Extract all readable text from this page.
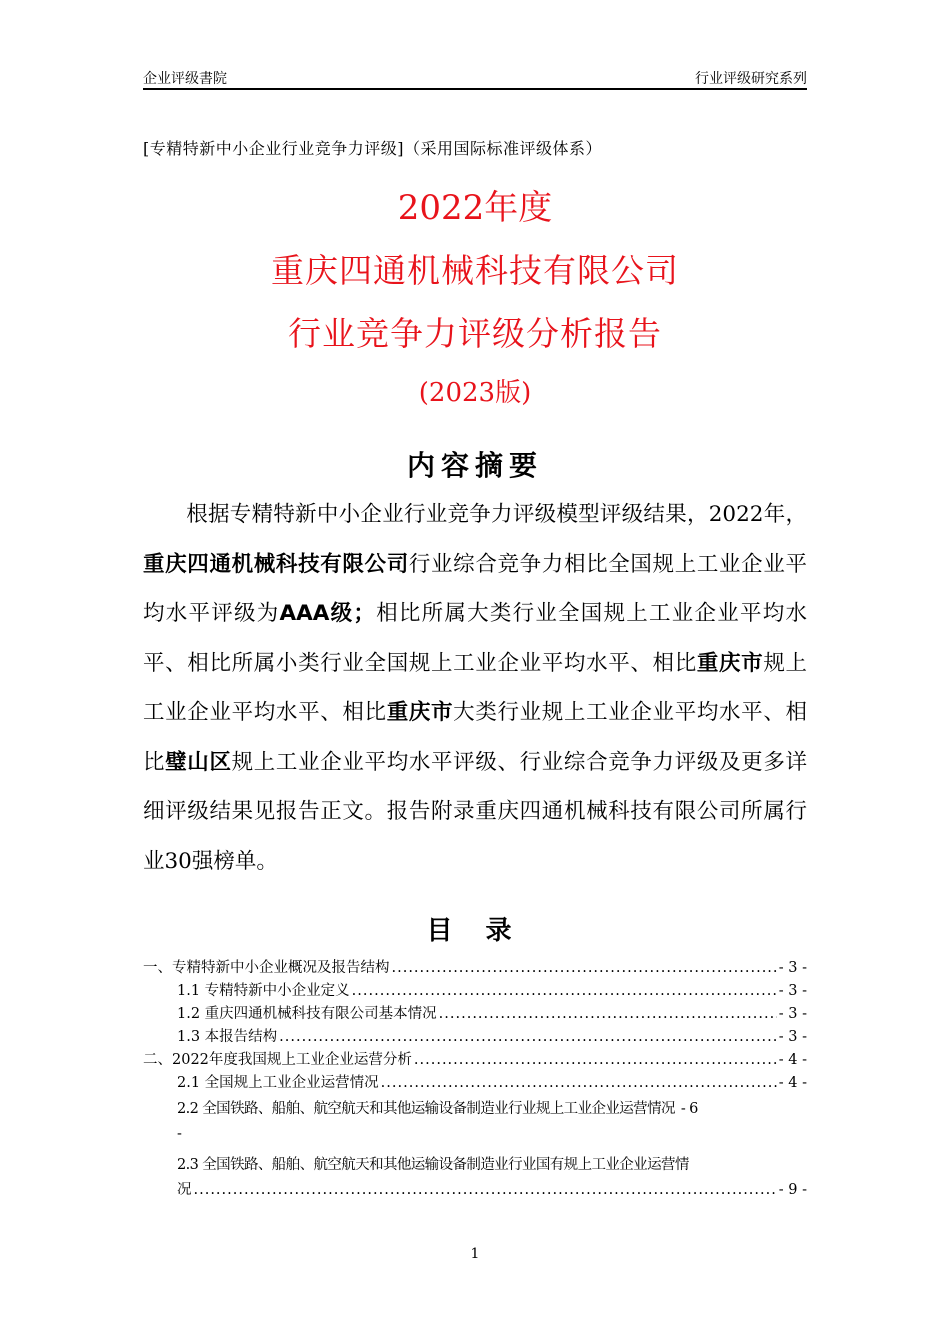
企业评级書院	行业评级研究系列
[专精特新中小企业行业竞争力评级]（采用国际标准评级体系）
2022年度
重庆四通机械科技有限公司
行业竞争力评级分析报告
(2023版)
内容摘要
根据专精特新中小企业行业竞争力评级模型评级结果，2022年，重庆四通机械科技有限公司行业综合竞争力相比全国规上工业企业平均水平评级为AAA级；相比所属大类行业全国规上工业企业平均水平、相比所属小类行业全国规上工业企业平均水平、相比重庆市规上工业企业平均水平、相比重庆市大类行业规上工业企业平均水平、相比璧山区规上工业企业平均水平评级、行业综合竞争力评级及更多详细评级结果见报告正文。报告附录重庆四通机械科技有限公司所属行业30强榜单。
目 录
一、专精特新中小企业概况及报告结构 .....	- 3 -
1.1 专精特新中小企业定义 .....	- 3 -
1.2 重庆四通机械科技有限公司基本情况 .....	- 3 -
1.3 本报告结构 .....	- 3 -
二、2022年度我国规上工业企业运营分析 .....	- 4 -
2.1 全国规上工业企业运营情况 .....	- 4 -
2.2 全国铁路、船舶、航空航天和其他运输设备制造业行业规上工业企业运营情况 - 6
-
2.3 全国铁路、船舶、航空航天和其他运输设备制造业行业国有规上工业企业运营情
况 .....	- 9 -
1
